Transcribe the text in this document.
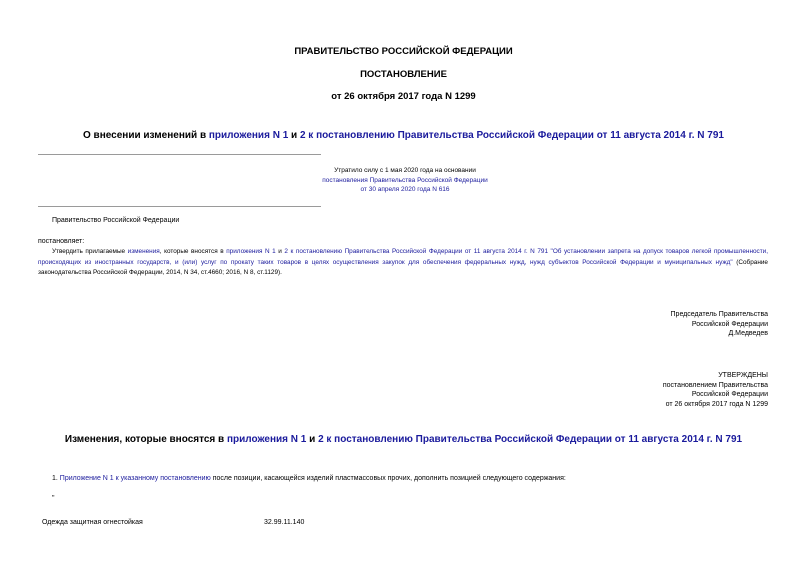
ПРАВИТЕЛЬСТВО РОССИЙСКОЙ ФЕДЕРАЦИИ
ПОСТАНОВЛЕНИЕ
от 26 октября 2017 года N 1299
О внесении изменений в приложения N 1 и 2 к постановлению Правительства Российской Федерации от 11 августа 2014 г. N 791
Утратило силу с 1 мая 2020 года на основании
постановления Правительства Российской Федерации
от 30 апреля 2020 года N 616
Правительство Российской Федерации
постановляет:
Утвердить прилагаемые изменения, которые вносятся в приложения N 1 и 2 к постановлению Правительства Российской Федерации от 11 августа 2014 г. N 791 "Об установлении запрета на допуск товаров легкой промышленности, происходящих из иностранных государств, и (или) услуг по прокату таких товаров в целях осуществления закупок для обеспечения федеральных нужд, нужд субъектов Российской Федерации и муниципальных нужд" (Собрание законодательства Российской Федерации, 2014, N 34, ст.4660; 2016, N 8, ст.1129).
Председатель Правительства
Российской Федерации
Д.Медведев
УТВЕРЖДЕНЫ
постановлением Правительства
Российской Федерации
от 26 октября 2017 года N 1299
Изменения, которые вносятся в приложения N 1 и 2 к постановлению Правительства Российской Федерации от 11 августа 2014 г. N 791
1. Приложение N 1 к указанному постановлению после позиции, касающейся изделий пластмассовых прочих, дополнить позицией следующего содержания:
"
Одежда защитная огнестойкая	32.99.11.140
